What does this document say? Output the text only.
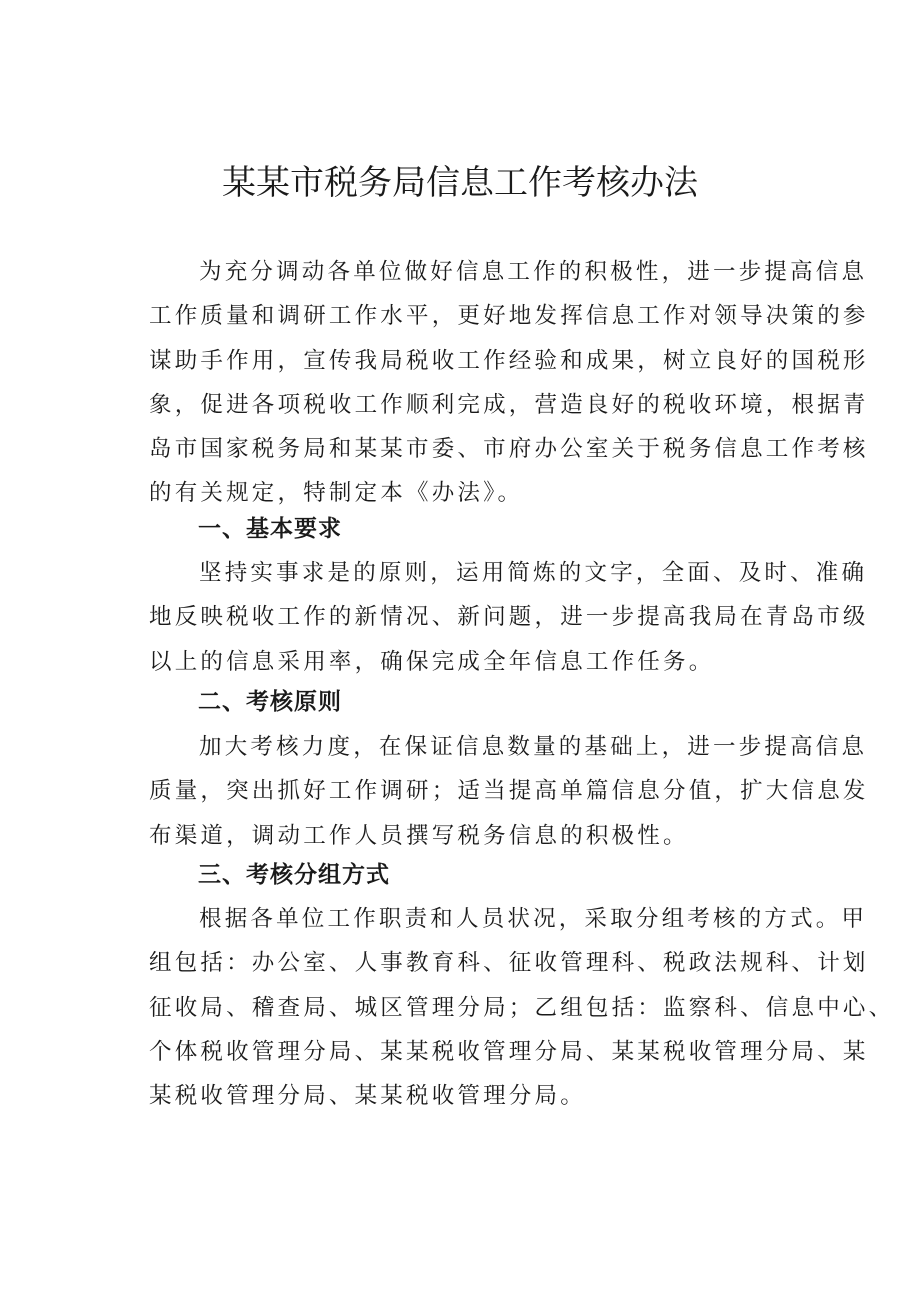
某某市税务局信息工作考核办法

为充分调动各单位做好信息工作的积极性，进一步提高信息
工作质量和调研工作水平，更好地发挥信息工作对领导决策的参
谋助手作用，宣传我局税收工作经验和成果，树立良好的国税形
象，促进各项税收工作顺利完成，营造良好的税收环境，根据青
岛市国家税务局和某某市委、市府办公室关于税务信息工作考核
的有关规定，特制定本《办法》。

一、基本要求

坚持实事求是的原则，运用简炼的文字，全面、及时、准确
地反映税收工作的新情况、新问题，进一步提高我局在青岛市级
以上的信息采用率，确保完成全年信息工作任务。

二、考核原则

加大考核力度，在保证信息数量的基础上，进一步提高信息
质量，突出抓好工作调研；适当提高单篇信息分值，扩大信息发
布渠道，调动工作人员撰写税务信息的积极性。

三、考核分组方式

根据各单位工作职责和人员状况，采取分组考核的方式。甲
组包括：办公室、人事教育科、征收管理科、税政法规科、计划
征收局、稽查局、城区管理分局；乙组包括：监察科、信息中心、
个体税收管理分局、某某税收管理分局、某某税收管理分局、某
某税收管理分局、某某税收管理分局。
